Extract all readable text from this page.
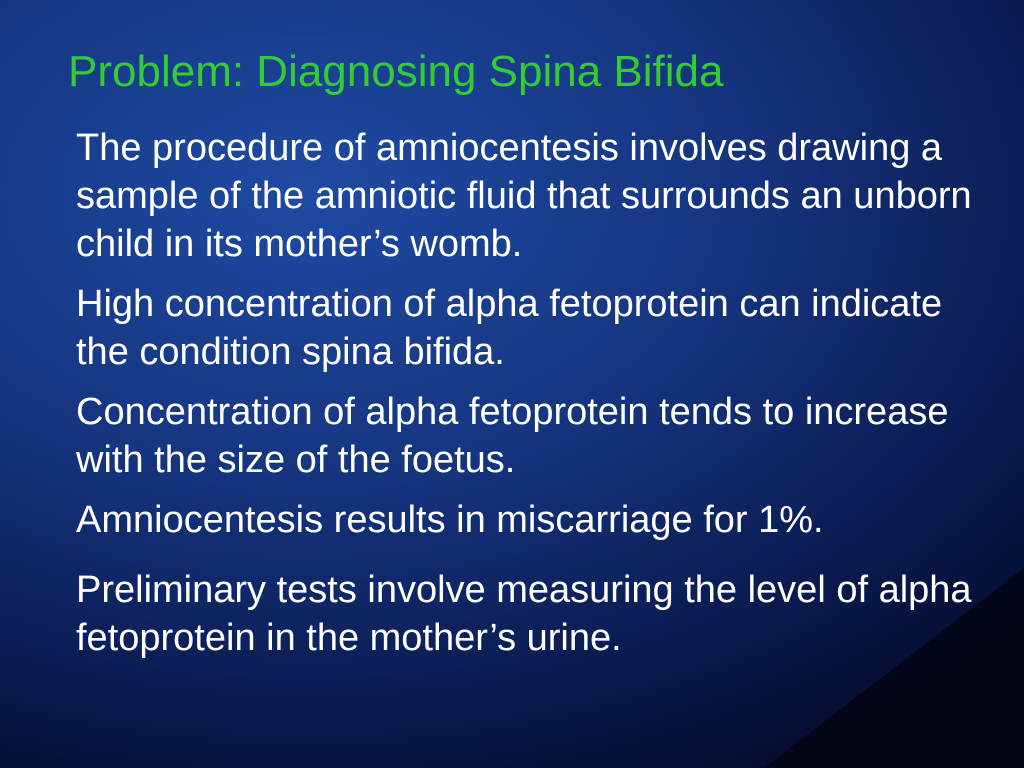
Problem: Diagnosing Spina Bifida

The procedure of amniocentesis involves drawing a sample of the amniotic fluid that surrounds an unborn child in its mother’s womb.

High concentration of alpha fetoprotein can indicate the condition spina bifida.

Concentration of alpha fetoprotein tends to increase with the size of the foetus.

Amniocentesis results in miscarriage for 1%.

Preliminary tests involve measuring the level of alpha fetoprotein in the mother’s urine.
